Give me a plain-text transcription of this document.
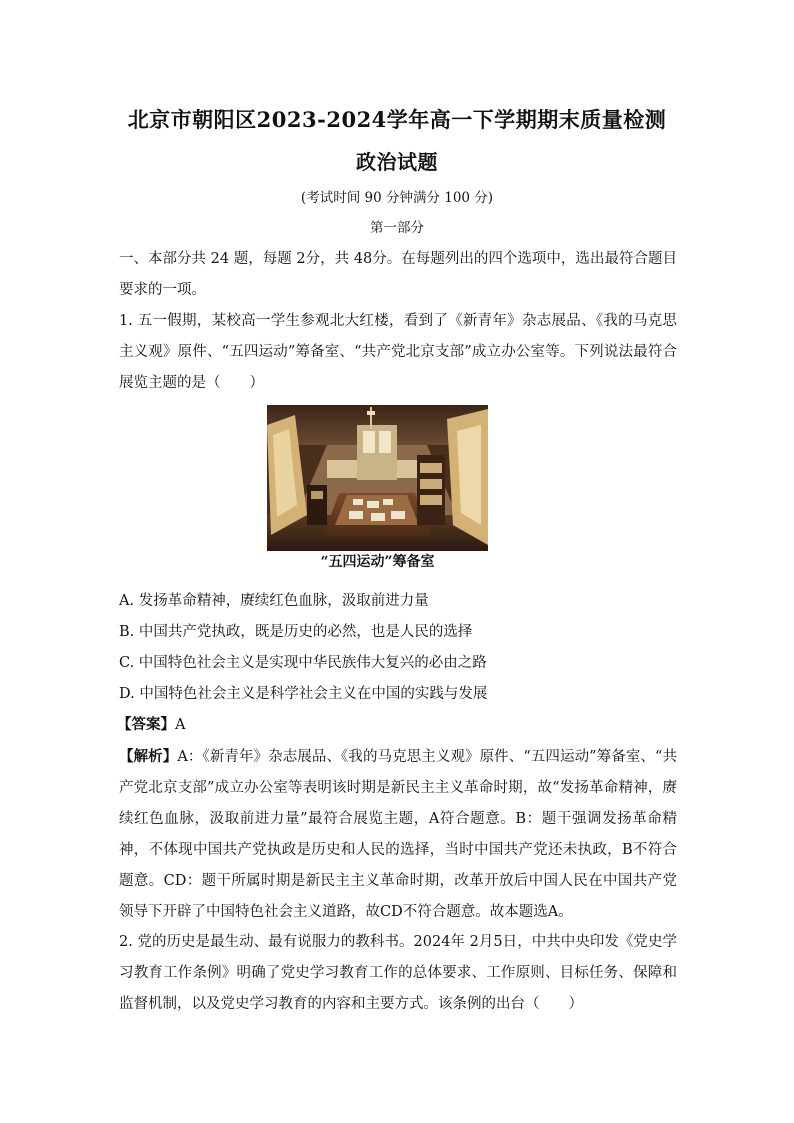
北京市朝阳区2023-2024学年高一下学期期末质量检测
政治试题
(考试时间 90 分钟满分 100 分)
第一部分

一、本部分共 24 题，每题 2分，共 48分。在每题列出的四个选项中，选出最符合题目要求的一项。

1. 五一假期，某校高一学生参观北大红楼，看到了《新青年》杂志展品、《我的马克思主义观》原件、“五四运动”筹备室、“共产党北京支部”成立办公室等。下列说法最符合展览主题的是（　　）

“五四运动”筹备室
A. 发扬革命精神，赓续红色血脉，汲取前进力量
B. 中国共产党执政，既是历史的必然，也是人民的选择
C. 中国特色社会主义是实现中华民族伟大复兴的必由之路
D. 中国特色社会主义是科学社会主义在中国的实践与发展
【答案】A

【解析】A：《新青年》杂志展品、《我的马克思主义观》原件、“五四运动”筹备室、“共产党北京支部”成立办公室等表明该时期是新民主主义革命时期，故“发扬革命精神，赓续红色血脉，汲取前进力量”最符合展览主题，A符合题意。B：题干强调发扬革命精神，不体现中国共产党执政是历史和人民的选择，当时中国共产党还未执政，B不符合题意。CD：题干所属时期是新民主主义革命时期，改革开放后中国人民在中国共产党领导下开辟了中国特色社会主义道路，故CD不符合题意。故本题选A。

2. 党的历史是最生动、最有说服力的教科书。2024年 2月5日，中共中央印发《党史学习教育工作条例》明确了党史学习教育工作的总体要求、工作原则、目标任务、保障和监督机制，以及党史学习教育的内容和主要方式。该条例的出台（　　）
